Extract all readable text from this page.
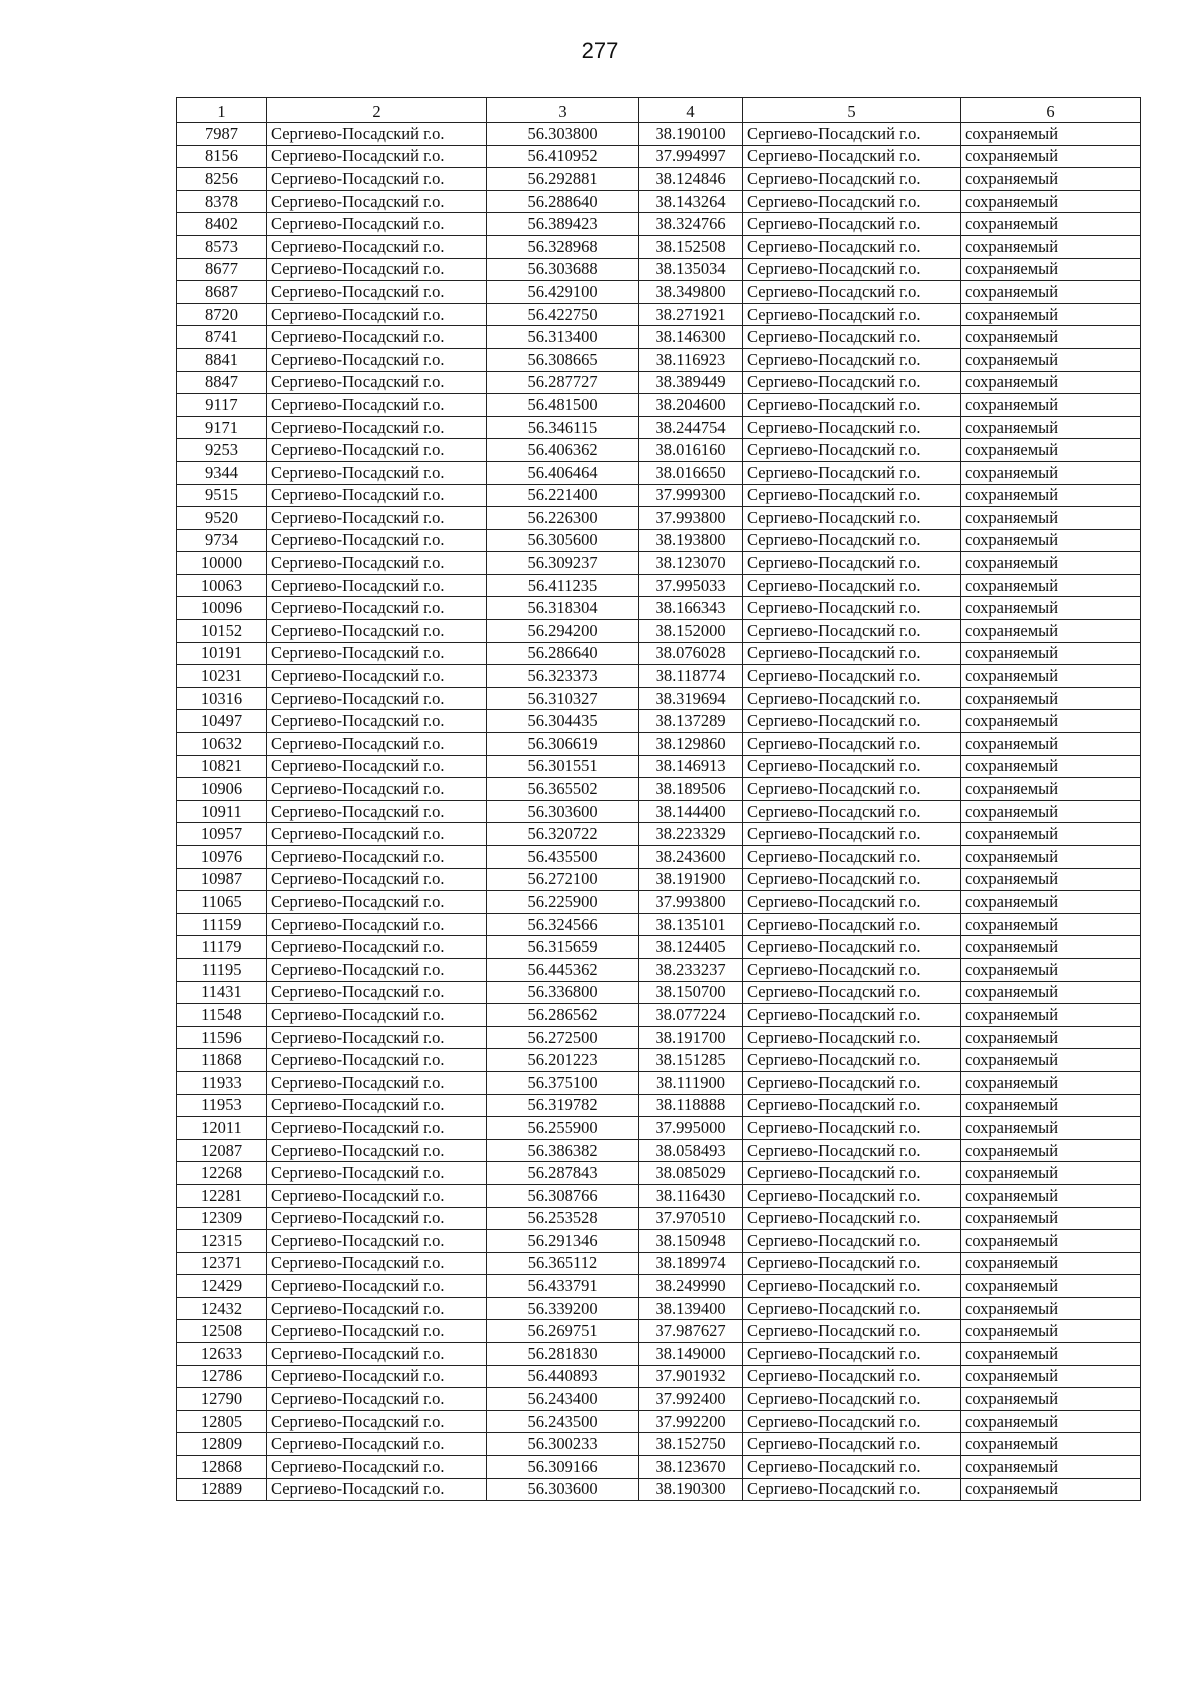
277
1	2	3	4	5	6
7987	Сергиево-Посадский г.о.	56.303800	38.190100	Сергиево-Посадский г.о.	сохраняемый
8156	Сергиево-Посадский г.о.	56.410952	37.994997	Сергиево-Посадский г.о.	сохраняемый
8256	Сергиево-Посадский г.о.	56.292881	38.124846	Сергиево-Посадский г.о.	сохраняемый
8378	Сергиево-Посадский г.о.	56.288640	38.143264	Сергиево-Посадский г.о.	сохраняемый
8402	Сергиево-Посадский г.о.	56.389423	38.324766	Сергиево-Посадский г.о.	сохраняемый
8573	Сергиево-Посадский г.о.	56.328968	38.152508	Сергиево-Посадский г.о.	сохраняемый
8677	Сергиево-Посадский г.о.	56.303688	38.135034	Сергиево-Посадский г.о.	сохраняемый
8687	Сергиево-Посадский г.о.	56.429100	38.349800	Сергиево-Посадский г.о.	сохраняемый
8720	Сергиево-Посадский г.о.	56.422750	38.271921	Сергиево-Посадский г.о.	сохраняемый
8741	Сергиево-Посадский г.о.	56.313400	38.146300	Сергиево-Посадский г.о.	сохраняемый
8841	Сергиево-Посадский г.о.	56.308665	38.116923	Сергиево-Посадский г.о.	сохраняемый
8847	Сергиево-Посадский г.о.	56.287727	38.389449	Сергиево-Посадский г.о.	сохраняемый
9117	Сергиево-Посадский г.о.	56.481500	38.204600	Сергиево-Посадский г.о.	сохраняемый
9171	Сергиево-Посадский г.о.	56.346115	38.244754	Сергиево-Посадский г.о.	сохраняемый
9253	Сергиево-Посадский г.о.	56.406362	38.016160	Сергиево-Посадский г.о.	сохраняемый
9344	Сергиево-Посадский г.о.	56.406464	38.016650	Сергиево-Посадский г.о.	сохраняемый
9515	Сергиево-Посадский г.о.	56.221400	37.999300	Сергиево-Посадский г.о.	сохраняемый
9520	Сергиево-Посадский г.о.	56.226300	37.993800	Сергиево-Посадский г.о.	сохраняемый
9734	Сергиево-Посадский г.о.	56.305600	38.193800	Сергиево-Посадский г.о.	сохраняемый
10000	Сергиево-Посадский г.о.	56.309237	38.123070	Сергиево-Посадский г.о.	сохраняемый
10063	Сергиево-Посадский г.о.	56.411235	37.995033	Сергиево-Посадский г.о.	сохраняемый
10096	Сергиево-Посадский г.о.	56.318304	38.166343	Сергиево-Посадский г.о.	сохраняемый
10152	Сергиево-Посадский г.о.	56.294200	38.152000	Сергиево-Посадский г.о.	сохраняемый
10191	Сергиево-Посадский г.о.	56.286640	38.076028	Сергиево-Посадский г.о.	сохраняемый
10231	Сергиево-Посадский г.о.	56.323373	38.118774	Сергиево-Посадский г.о.	сохраняемый
10316	Сергиево-Посадский г.о.	56.310327	38.319694	Сергиево-Посадский г.о.	сохраняемый
10497	Сергиево-Посадский г.о.	56.304435	38.137289	Сергиево-Посадский г.о.	сохраняемый
10632	Сергиево-Посадский г.о.	56.306619	38.129860	Сергиево-Посадский г.о.	сохраняемый
10821	Сергиево-Посадский г.о.	56.301551	38.146913	Сергиево-Посадский г.о.	сохраняемый
10906	Сергиево-Посадский г.о.	56.365502	38.189506	Сергиево-Посадский г.о.	сохраняемый
10911	Сергиево-Посадский г.о.	56.303600	38.144400	Сергиево-Посадский г.о.	сохраняемый
10957	Сергиево-Посадский г.о.	56.320722	38.223329	Сергиево-Посадский г.о.	сохраняемый
10976	Сергиево-Посадский г.о.	56.435500	38.243600	Сергиево-Посадский г.о.	сохраняемый
10987	Сергиево-Посадский г.о.	56.272100	38.191900	Сергиево-Посадский г.о.	сохраняемый
11065	Сергиево-Посадский г.о.	56.225900	37.993800	Сергиево-Посадский г.о.	сохраняемый
11159	Сергиево-Посадский г.о.	56.324566	38.135101	Сергиево-Посадский г.о.	сохраняемый
11179	Сергиево-Посадский г.о.	56.315659	38.124405	Сергиево-Посадский г.о.	сохраняемый
11195	Сергиево-Посадский г.о.	56.445362	38.233237	Сергиево-Посадский г.о.	сохраняемый
11431	Сергиево-Посадский г.о.	56.336800	38.150700	Сергиево-Посадский г.о.	сохраняемый
11548	Сергиево-Посадский г.о.	56.286562	38.077224	Сергиево-Посадский г.о.	сохраняемый
11596	Сергиево-Посадский г.о.	56.272500	38.191700	Сергиево-Посадский г.о.	сохраняемый
11868	Сергиево-Посадский г.о.	56.201223	38.151285	Сергиево-Посадский г.о.	сохраняемый
11933	Сергиево-Посадский г.о.	56.375100	38.111900	Сергиево-Посадский г.о.	сохраняемый
11953	Сергиево-Посадский г.о.	56.319782	38.118888	Сергиево-Посадский г.о.	сохраняемый
12011	Сергиево-Посадский г.о.	56.255900	37.995000	Сергиево-Посадский г.о.	сохраняемый
12087	Сергиево-Посадский г.о.	56.386382	38.058493	Сергиево-Посадский г.о.	сохраняемый
12268	Сергиево-Посадский г.о.	56.287843	38.085029	Сергиево-Посадский г.о.	сохраняемый
12281	Сергиево-Посадский г.о.	56.308766	38.116430	Сергиево-Посадский г.о.	сохраняемый
12309	Сергиево-Посадский г.о.	56.253528	37.970510	Сергиево-Посадский г.о.	сохраняемый
12315	Сергиево-Посадский г.о.	56.291346	38.150948	Сергиево-Посадский г.о.	сохраняемый
12371	Сергиево-Посадский г.о.	56.365112	38.189974	Сергиево-Посадский г.о.	сохраняемый
12429	Сергиево-Посадский г.о.	56.433791	38.249990	Сергиево-Посадский г.о.	сохраняемый
12432	Сергиево-Посадский г.о.	56.339200	38.139400	Сергиево-Посадский г.о.	сохраняемый
12508	Сергиево-Посадский г.о.	56.269751	37.987627	Сергиево-Посадский г.о.	сохраняемый
12633	Сергиево-Посадский г.о.	56.281830	38.149000	Сергиево-Посадский г.о.	сохраняемый
12786	Сергиево-Посадский г.о.	56.440893	37.901932	Сергиево-Посадский г.о.	сохраняемый
12790	Сергиево-Посадский г.о.	56.243400	37.992400	Сергиево-Посадский г.о.	сохраняемый
12805	Сергиево-Посадский г.о.	56.243500	37.992200	Сергиево-Посадский г.о.	сохраняемый
12809	Сергиево-Посадский г.о.	56.300233	38.152750	Сергиево-Посадский г.о.	сохраняемый
12868	Сергиево-Посадский г.о.	56.309166	38.123670	Сергиево-Посадский г.о.	сохраняемый
12889	Сергиево-Посадский г.о.	56.303600	38.190300	Сергиево-Посадский г.о.	сохраняемый
